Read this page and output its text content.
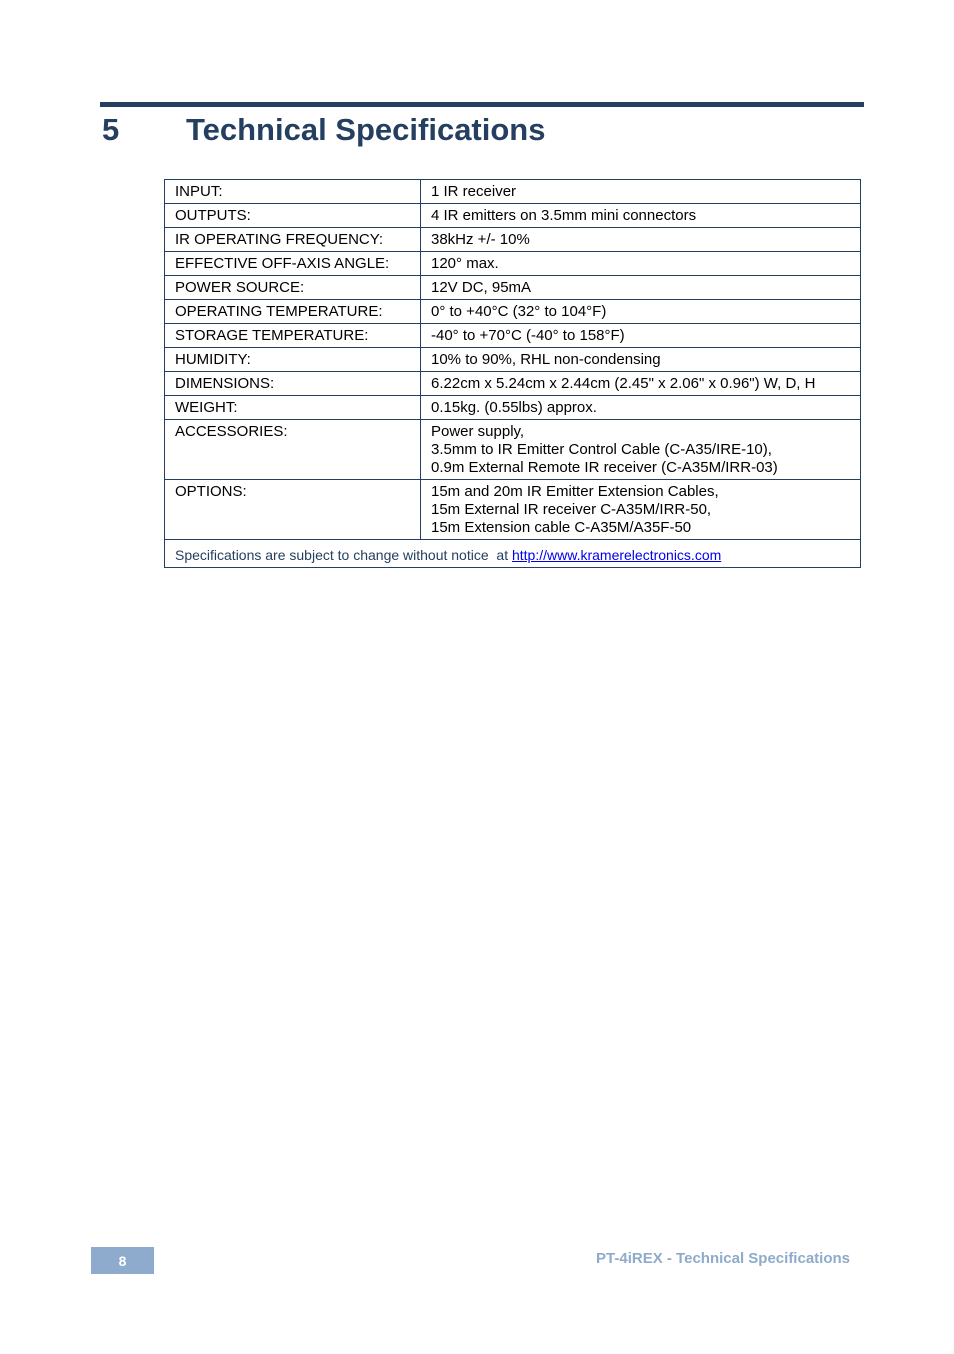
5	Technical Specifications
INPUT:	1 IR receiver
OUTPUTS:	4 IR emitters on 3.5mm mini connectors
IR OPERATING FREQUENCY:	38kHz +/- 10%
EFFECTIVE OFF-AXIS ANGLE:	120° max.
POWER SOURCE:	12V DC, 95mA
OPERATING TEMPERATURE:	0° to +40°C (32° to 104°F)
STORAGE TEMPERATURE:	-40° to +70°C (-40° to 158°F)
HUMIDITY:	10% to 90%, RHL non-condensing
DIMENSIONS:	6.22cm x 5.24cm x 2.44cm (2.45" x 2.06" x 0.96") W, D, H
WEIGHT:	0.15kg. (0.55lbs) approx.
ACCESSORIES:	Power supply,
3.5mm to IR Emitter Control Cable (C-A35/IRE-10),
0.9m External Remote IR receiver (C-A35M/IRR-03)

OPTIONS:	15m and 20m IR Emitter Extension Cables,
15m External IR receiver C-A35M/IRR-50,
15m Extension cable C-A35M/A35F-50

Specifications are subject to change without notice  at http://www.kramerelectronics.com	
8	PT-4iREX - Technical Specifications
